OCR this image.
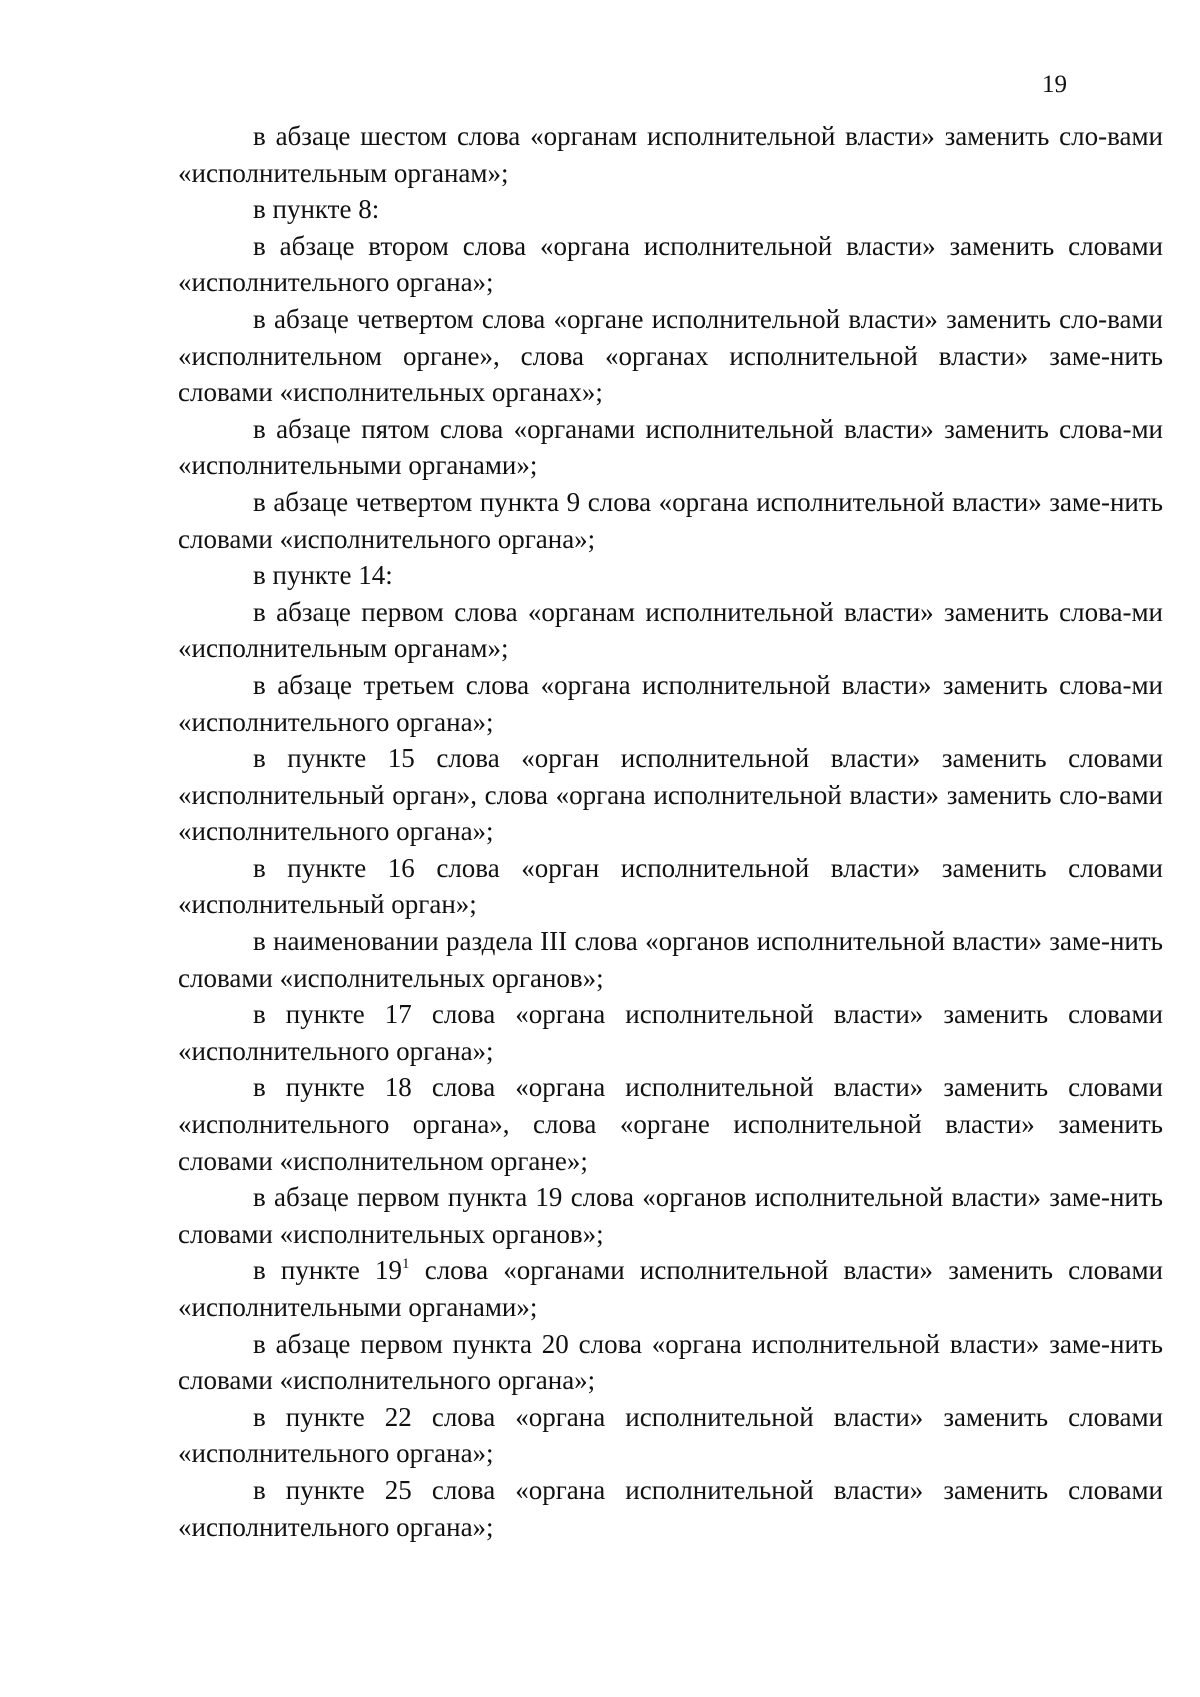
19

в абзаце шестом слова «органам исполнительной власти» заменить сло-вами «исполнительным органам»;

в пункте 8:

в абзаце втором слова «органа исполнительной власти» заменить словами «исполнительного органа»;

в абзаце четвертом слова «органе исполнительной власти» заменить сло-вами «исполнительном органе», слова «органах исполнительной власти» заме-нить словами «исполнительных органах»;

в абзаце пятом слова «органами исполнительной власти» заменить слова-ми «исполнительными органами»;

в абзаце четвертом пункта 9 слова «органа исполнительной власти» заме-нить словами «исполнительного органа»;

в пункте 14:

в абзаце первом слова «органам исполнительной власти» заменить слова-ми «исполнительным органам»;

в абзаце третьем слова «органа исполнительной власти» заменить слова-ми «исполнительного органа»;

в пункте 15 слова «орган исполнительной власти» заменить словами «исполнительный орган», слова «органа исполнительной власти» заменить сло-вами «исполнительного органа»;

в пункте 16 слова «орган исполнительной власти» заменить словами «исполнительный орган»;

в наименовании раздела III слова «органов исполнительной власти» заме-нить словами «исполнительных органов»;

в пункте 17 слова «органа исполнительной власти» заменить словами «исполнительного органа»;

в пункте 18 слова «органа исполнительной власти» заменить словами «исполнительного органа», слова «органе исполнительной власти» заменить словами «исполнительном органе»;

в абзаце первом пункта 19 слова «органов исполнительной власти» заме-нить словами «исполнительных органов»;

в пункте $19^1$ слова «органами исполнительной власти» заменить словами «исполнительными органами»;

в абзаце первом пункта 20 слова «органа исполнительной власти» заме-нить словами «исполнительного органа»;

в пункте 22 слова «органа исполнительной власти» заменить словами «исполнительного органа»;

в пункте 25 слова «органа исполнительной власти» заменить словами «исполнительного органа»;
